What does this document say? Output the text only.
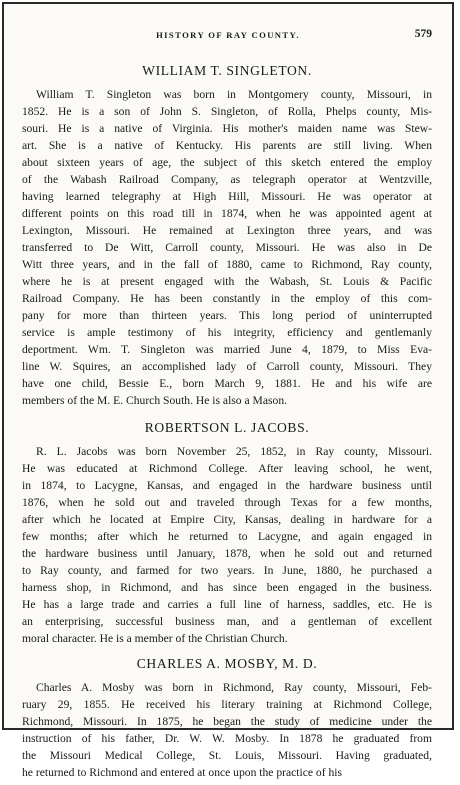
HISTORY OF RAY COUNTY.	579
WILLIAM T. SINGLETON.
William T. Singleton was born in Montgomery county, Missouri, in
1852. He is a son of John S. Singleton, of Rolla, Phelps county, Mis-
souri. He is a native of Virginia. His mother's maiden name was Stew-
art. She is a native of Kentucky. His parents are still living. When
about sixteen years of age, the subject of this sketch entered the employ
of the Wabash Railroad Company, as telegraph operator at Wentzville,
having learned telegraphy at High Hill, Missouri. He was operator at
different points on this road till in 1874, when he was appointed agent at
Lexington, Missouri. He remained at Lexington three years, and was
transferred to De Witt, Carroll county, Missouri. He was also in De
Witt three years, and in the fall of 1880, came to Richmond, Ray county,
where he is at present engaged with the Wabash, St. Louis & Pacific
Railroad Company. He has been constantly in the employ of this com-
pany for more than thirteen years. This long period of uninterrupted
service is ample testimony of his integrity, efficiency and gentlemanly
deportment. Wm. T. Singleton was married June 4, 1879, to Miss Eva-
line W. Squires, an accomplished lady of Carroll county, Missouri. They
have one child, Bessie E., born March 9, 1881. He and his wife are
members of the M. E. Church South. He is also a Mason.
ROBERTSON L. JACOBS.
R. L. Jacobs was born November 25, 1852, in Ray county, Missouri.
He was educated at Richmond College. After leaving school, he went,
in 1874, to Lacygne, Kansas, and engaged in the hardware business until
1876, when he sold out and traveled through Texas for a few months,
after which he located at Empire City, Kansas, dealing in hardware for a
few months; after which he returned to Lacygne, and again engaged in
the hardware business until January, 1878, when he sold out and returned
to Ray county, and farmed for two years. In June, 1880, he purchased a
harness shop, in Richmond, and has since been engaged in the business.
He has a large trade and carries a full line of harness, saddles, etc. He is
an enterprising, successful business man, and a gentleman of excellent
moral character. He is a member of the Christian Church.
CHARLES A. MOSBY, M. D.
Charles A. Mosby was born in Richmond, Ray county, Missouri, Feb-
ruary 29, 1855. He received his literary training at Richmond College,
Richmond, Missouri. In 1875, he began the study of medicine under the
instruction of his father, Dr. W. W. Mosby. In 1878 he graduated from
the Missouri Medical College, St. Louis, Missouri. Having graduated,
he returned to Richmond and entered at once upon the practice of his
